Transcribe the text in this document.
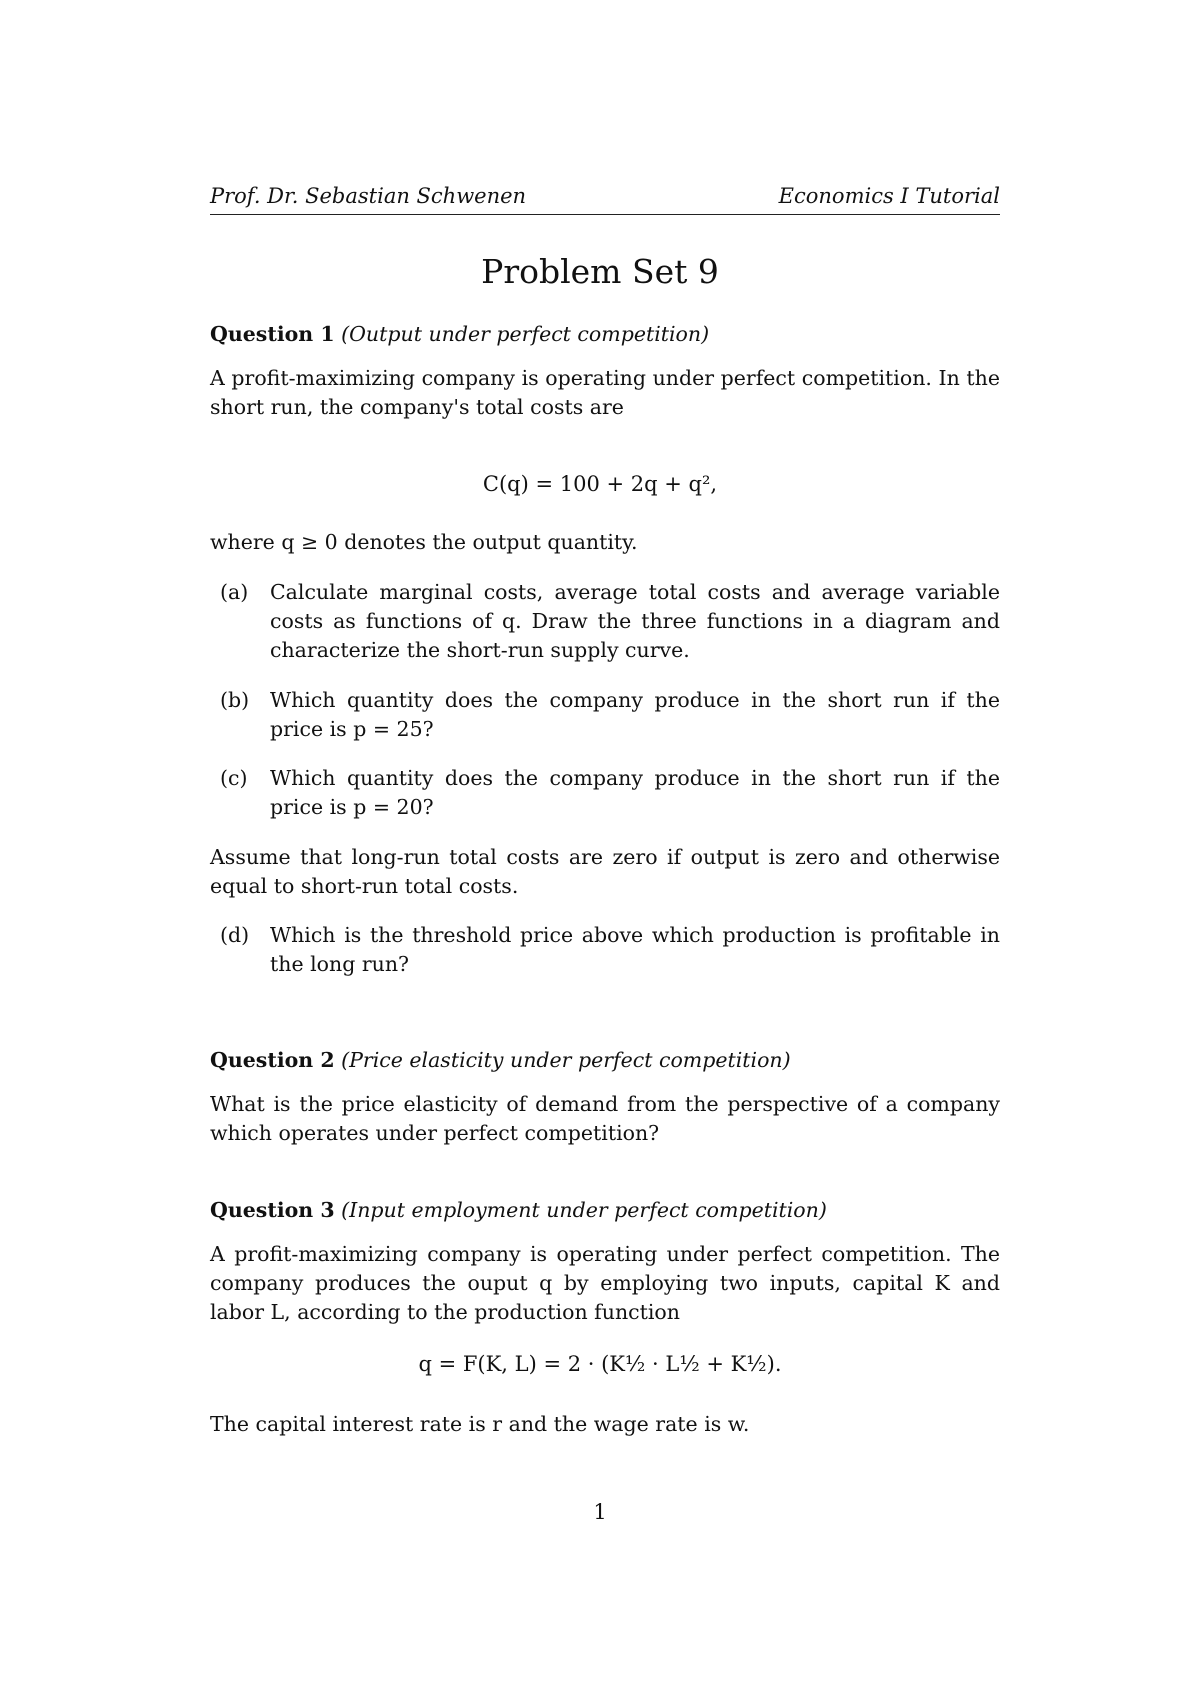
Prof. Dr. Sebastian Schwenen	Economics I Tutorial
Problem Set 9
Question 1 (Output under perfect competition)
A profit-maximizing company is operating under perfect competition. In the short run, the company's total costs are
C(q) = 100 + 2q + q²,
where q ≥ 0 denotes the output quantity.
(a)	Calculate marginal costs, average total costs and average variable costs as functions of q. Draw the three functions in a diagram and characterize the short-run supply curve.
(b)	Which quantity does the company produce in the short run if the price is p = 25?
(c)	Which quantity does the company produce in the short run if the price is p = 20?
Assume that long-run total costs are zero if output is zero and otherwise equal to short-run total costs.
(d)	Which is the threshold price above which production is profitable in the long run?
Question 2 (Price elasticity under perfect competition)
What is the price elasticity of demand from the perspective of a company which operates under perfect competition?
Question 3 (Input employment under perfect competition)
A profit-maximizing company is operating under perfect competition. The company produces the ouput q by employing two inputs, capital K and labor L, according to the production function
q = F(K, L) = 2 · (K½ · L½ + K½).
The capital interest rate is r and the wage rate is w.
1
